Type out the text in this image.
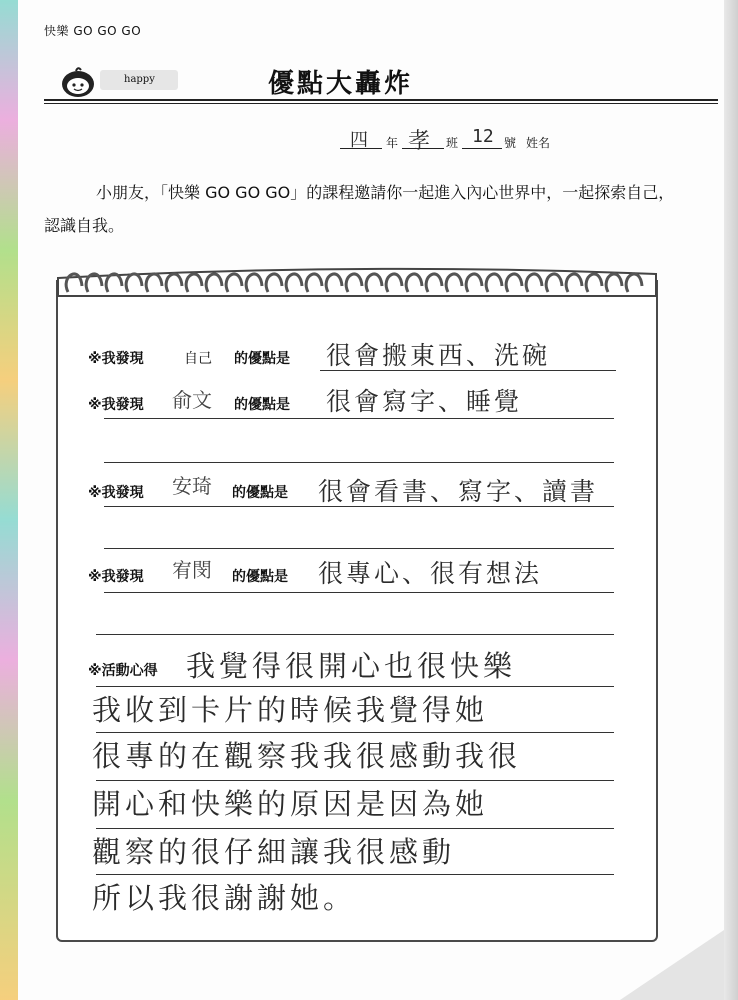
快樂 GO GO GO
happy	優點大轟炸
四 年 孝 班 12 號 姓名
小朋友，「快樂 GO GO GO」的課程邀請你一起進入內心世界中，一起探索自己，認識自我。
※我發現	自己 的優點是 很會搬東西、洗碗
※我發現 俞文 的優點是 很會寫字、睡覺
※我發現 安琦 的優點是 很會看書、寫字、讀書
※我發現 宥閔 的優點是 很專心、很有想法
※活動心得 我覺得很開心也很快樂
我收到卡片的時候我覺得她
很專的在觀察我我很感動我很
開心和快樂的原因是因為她
觀察的很仔細讓我很感動
所以我很謝謝她。
